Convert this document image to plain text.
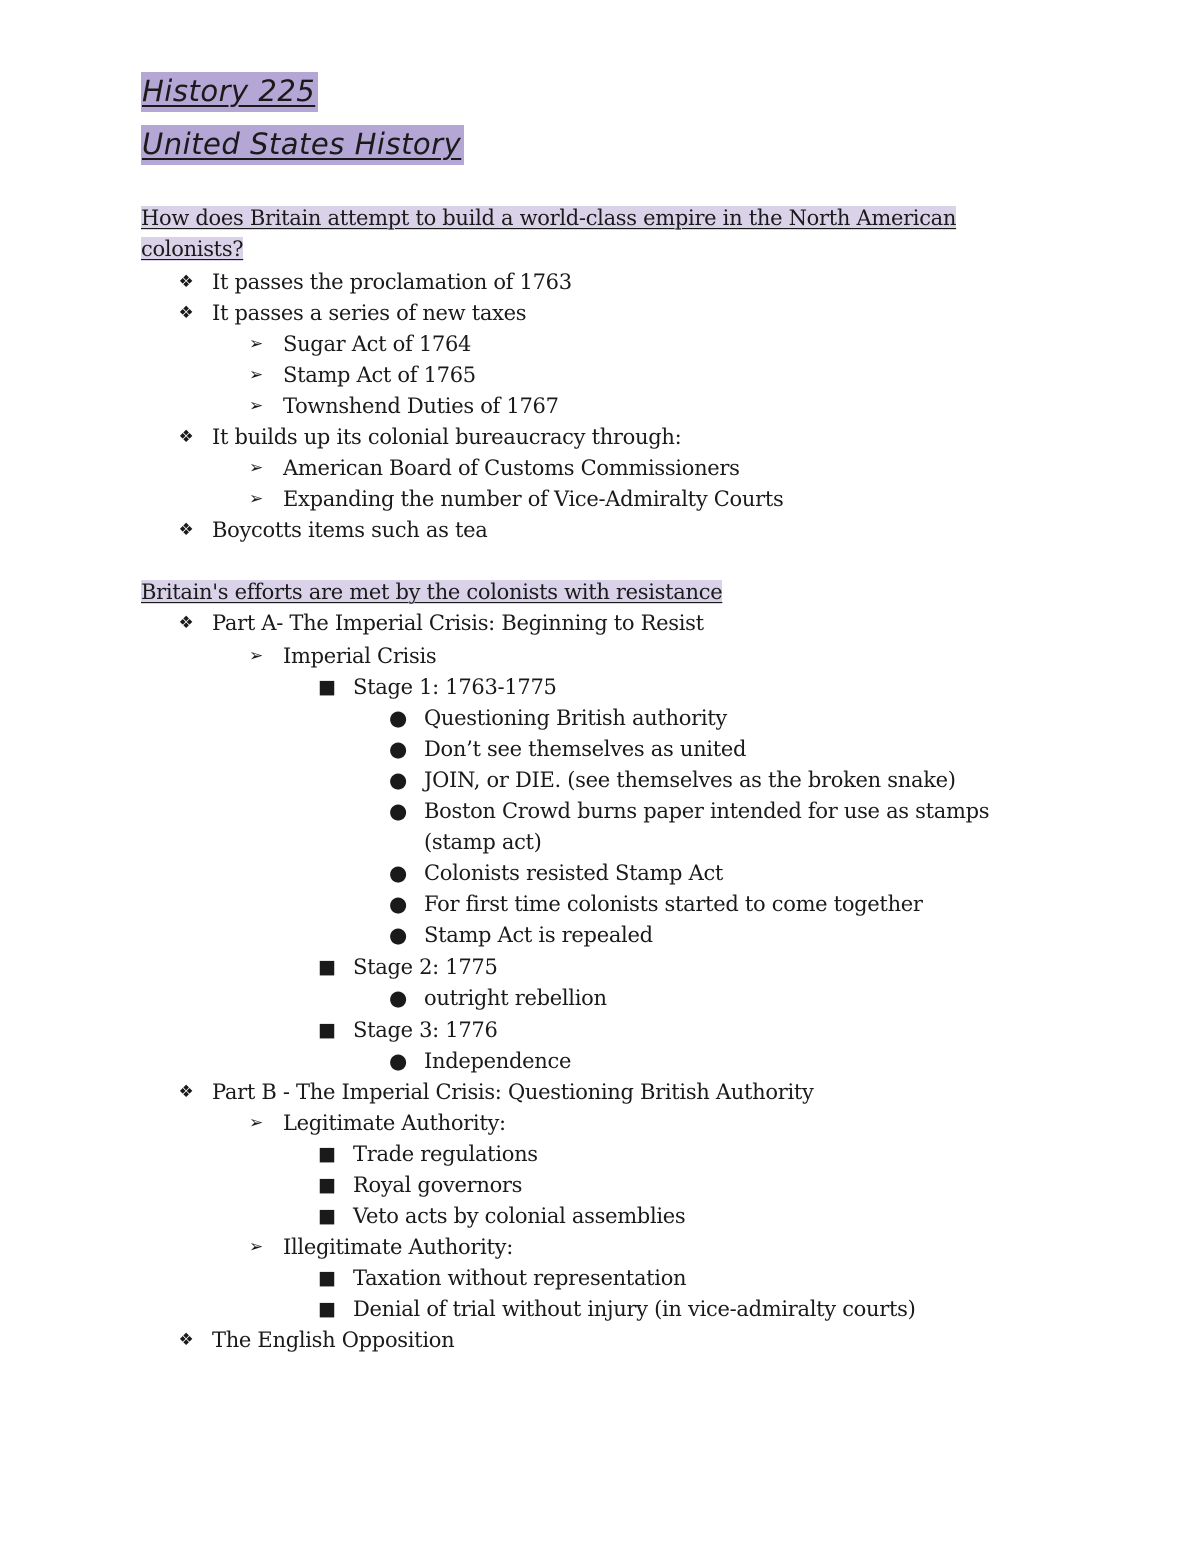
History 225
United States History
How does Britain attempt to build a world-class empire in the North American
colonists?
❖ It passes the proclamation of 1763
❖ It passes a series of new taxes
➢ Sugar Act of 1764
➢ Stamp Act of 1765
➢ Townshend Duties of 1767
❖ It builds up its colonial bureaucracy through:
➢ American Board of Customs Commissioners
➢ Expanding the number of Vice-Admiralty Courts
❖ Boycotts items such as tea
Britain's efforts are met by the colonists with resistance
❖ Part A- The Imperial Crisis: Beginning to Resist
➢ Imperial Crisis
■ Stage 1: 1763-1775
● Questioning British authority
● Don’t see themselves as united
● JOIN, or DIE. (see themselves as the broken snake)
● Boston Crowd burns paper intended for use as stamps
(stamp act)
● Colonists resisted Stamp Act
● For first time colonists started to come together
● Stamp Act is repealed
■ Stage 2: 1775
● outright rebellion
■ Stage 3: 1776
● Independence
❖ Part B - The Imperial Crisis: Questioning British Authority
➢ Legitimate Authority:
■ Trade regulations
■ Royal governors
■ Veto acts by colonial assemblies
➢ Illegitimate Authority:
■ Taxation without representation
■ Denial of trial without injury (in vice-admiralty courts)
❖ The English Opposition
